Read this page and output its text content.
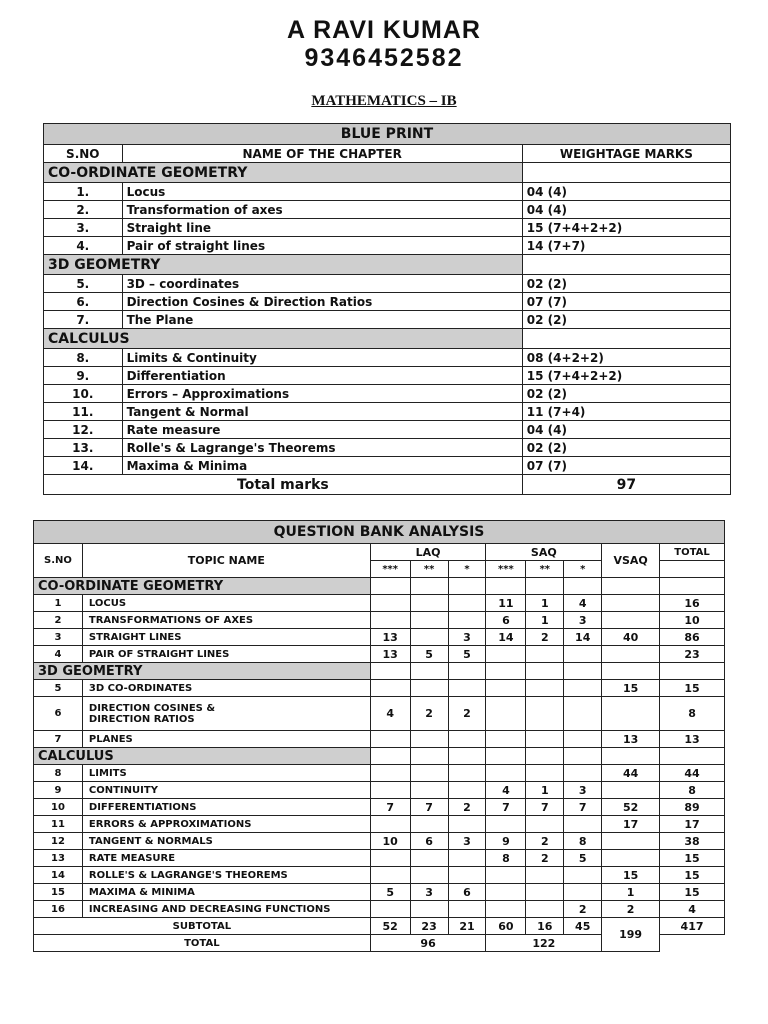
A RAVI KUMAR
9346452582
MATHEMATICS – IB
BLUE PRINT		
S.NO	NAME OF THE CHAPTER	WEIGHTAGE MARKS
CO-ORDINATE GEOMETRY		
1.	Locus	04 (4)
2.	Transformation of axes	04 (4)
3.	Straight line	15 (7+4+2+2)
4.	Pair of straight lines	14 (7+7)
3D GEOMETRY		
5.	3D – coordinates	02 (2)
6.	Direction Cosines & Direction Ratios	07 (7)
7.	The Plane	02 (2)
CALCULUS		
8.	Limits & Continuity	08 (4+2+2)
9.	Differentiation	15 (7+4+2+2)
10.	Errors – Approximations	02 (2)
11.	Tangent & Normal	11 (7+4)
12.	Rate measure	04 (4)
13.	Rolle's & Lagrange's Theorems	02 (2)
14.	Maxima & Minima	07 (7)
Total marks		97
QUESTION BANK ANALYSIS									
S.NO	TOPIC NAME	LAQ			SAQ			VSAQ	TOTAL
		***	**	*	***	**	*		
CO-ORDINATE GEOMETRY									
1	LOCUS				11	1	4		16
2	TRANSFORMATIONS OF AXES				6	1	3		10
3	STRAIGHT LINES	13		3	14	2	14	40	86
4	PAIR OF STRAIGHT LINES	13	5	5					23
3D GEOMETRY									
5	3D CO-ORDINATES							15	15
6	DIRECTION COSINES &
DIRECTION RATIOS	4	2	2					8
7	PLANES							13	13
CALCULUS									
8	LIMITS							44	44
9	CONTINUITY				4	1	3		8
10	DIFFERENTIATIONS	7	7	2	7	7	7	52	89
11	ERRORS & APPROXIMATIONS							17	17
12	TANGENT & NORMALS	10	6	3	9	2	8		38
13	RATE MEASURE				8	2	5		15
14	ROLLE'S & LAGRANGE'S THEOREMS							15	15
15	MAXIMA & MINIMA	5	3	6				1	15
16	INCREASING AND DECREASING FUNCTIONS						2	2	4
SUBTOTAL		52	23	21	60	16	45	199	417
TOTAL		96			122				
